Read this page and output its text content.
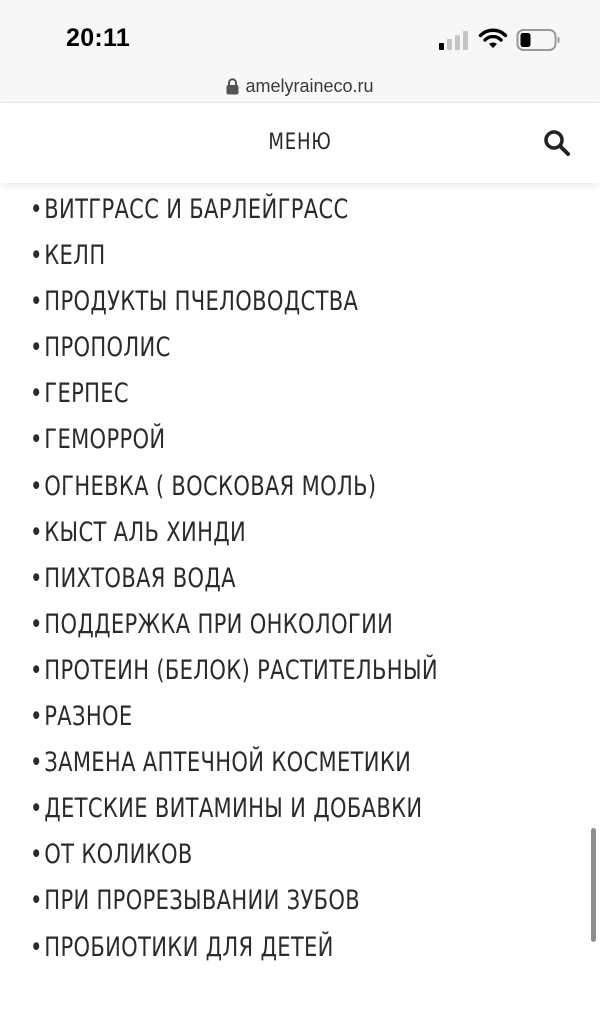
20:11
amelyraineco.ru
МЕНЮ
•ВИТГРАСС И БАРЛЕЙГРАСС
•КЕЛП
•ПРОДУКТЫ ПЧЕЛОВОДСТВА
•ПРОПОЛИС
•ГЕРПЕС
•ГЕМОРРОЙ
•ОГНЕВКА ( ВОСКОВАЯ МОЛЬ)
•КЫСТ АЛЬ ХИНДИ
•ПИХТОВАЯ ВОДА
•ПОДДЕРЖКА ПРИ ОНКОЛОГИИ
•ПРОТЕИН (БЕЛОК) РАСТИТЕЛЬНЫЙ
•РАЗНОЕ
•ЗАМЕНА АПТЕЧНОЙ КОСМЕТИКИ
•ДЕТСКИЕ ВИТАМИНЫ И ДОБАВКИ
•ОТ КОЛИКОВ
•ПРИ ПРОРЕЗЫВАНИИ ЗУБОВ
•ПРОБИОТИКИ ДЛЯ ДЕТЕЙ
